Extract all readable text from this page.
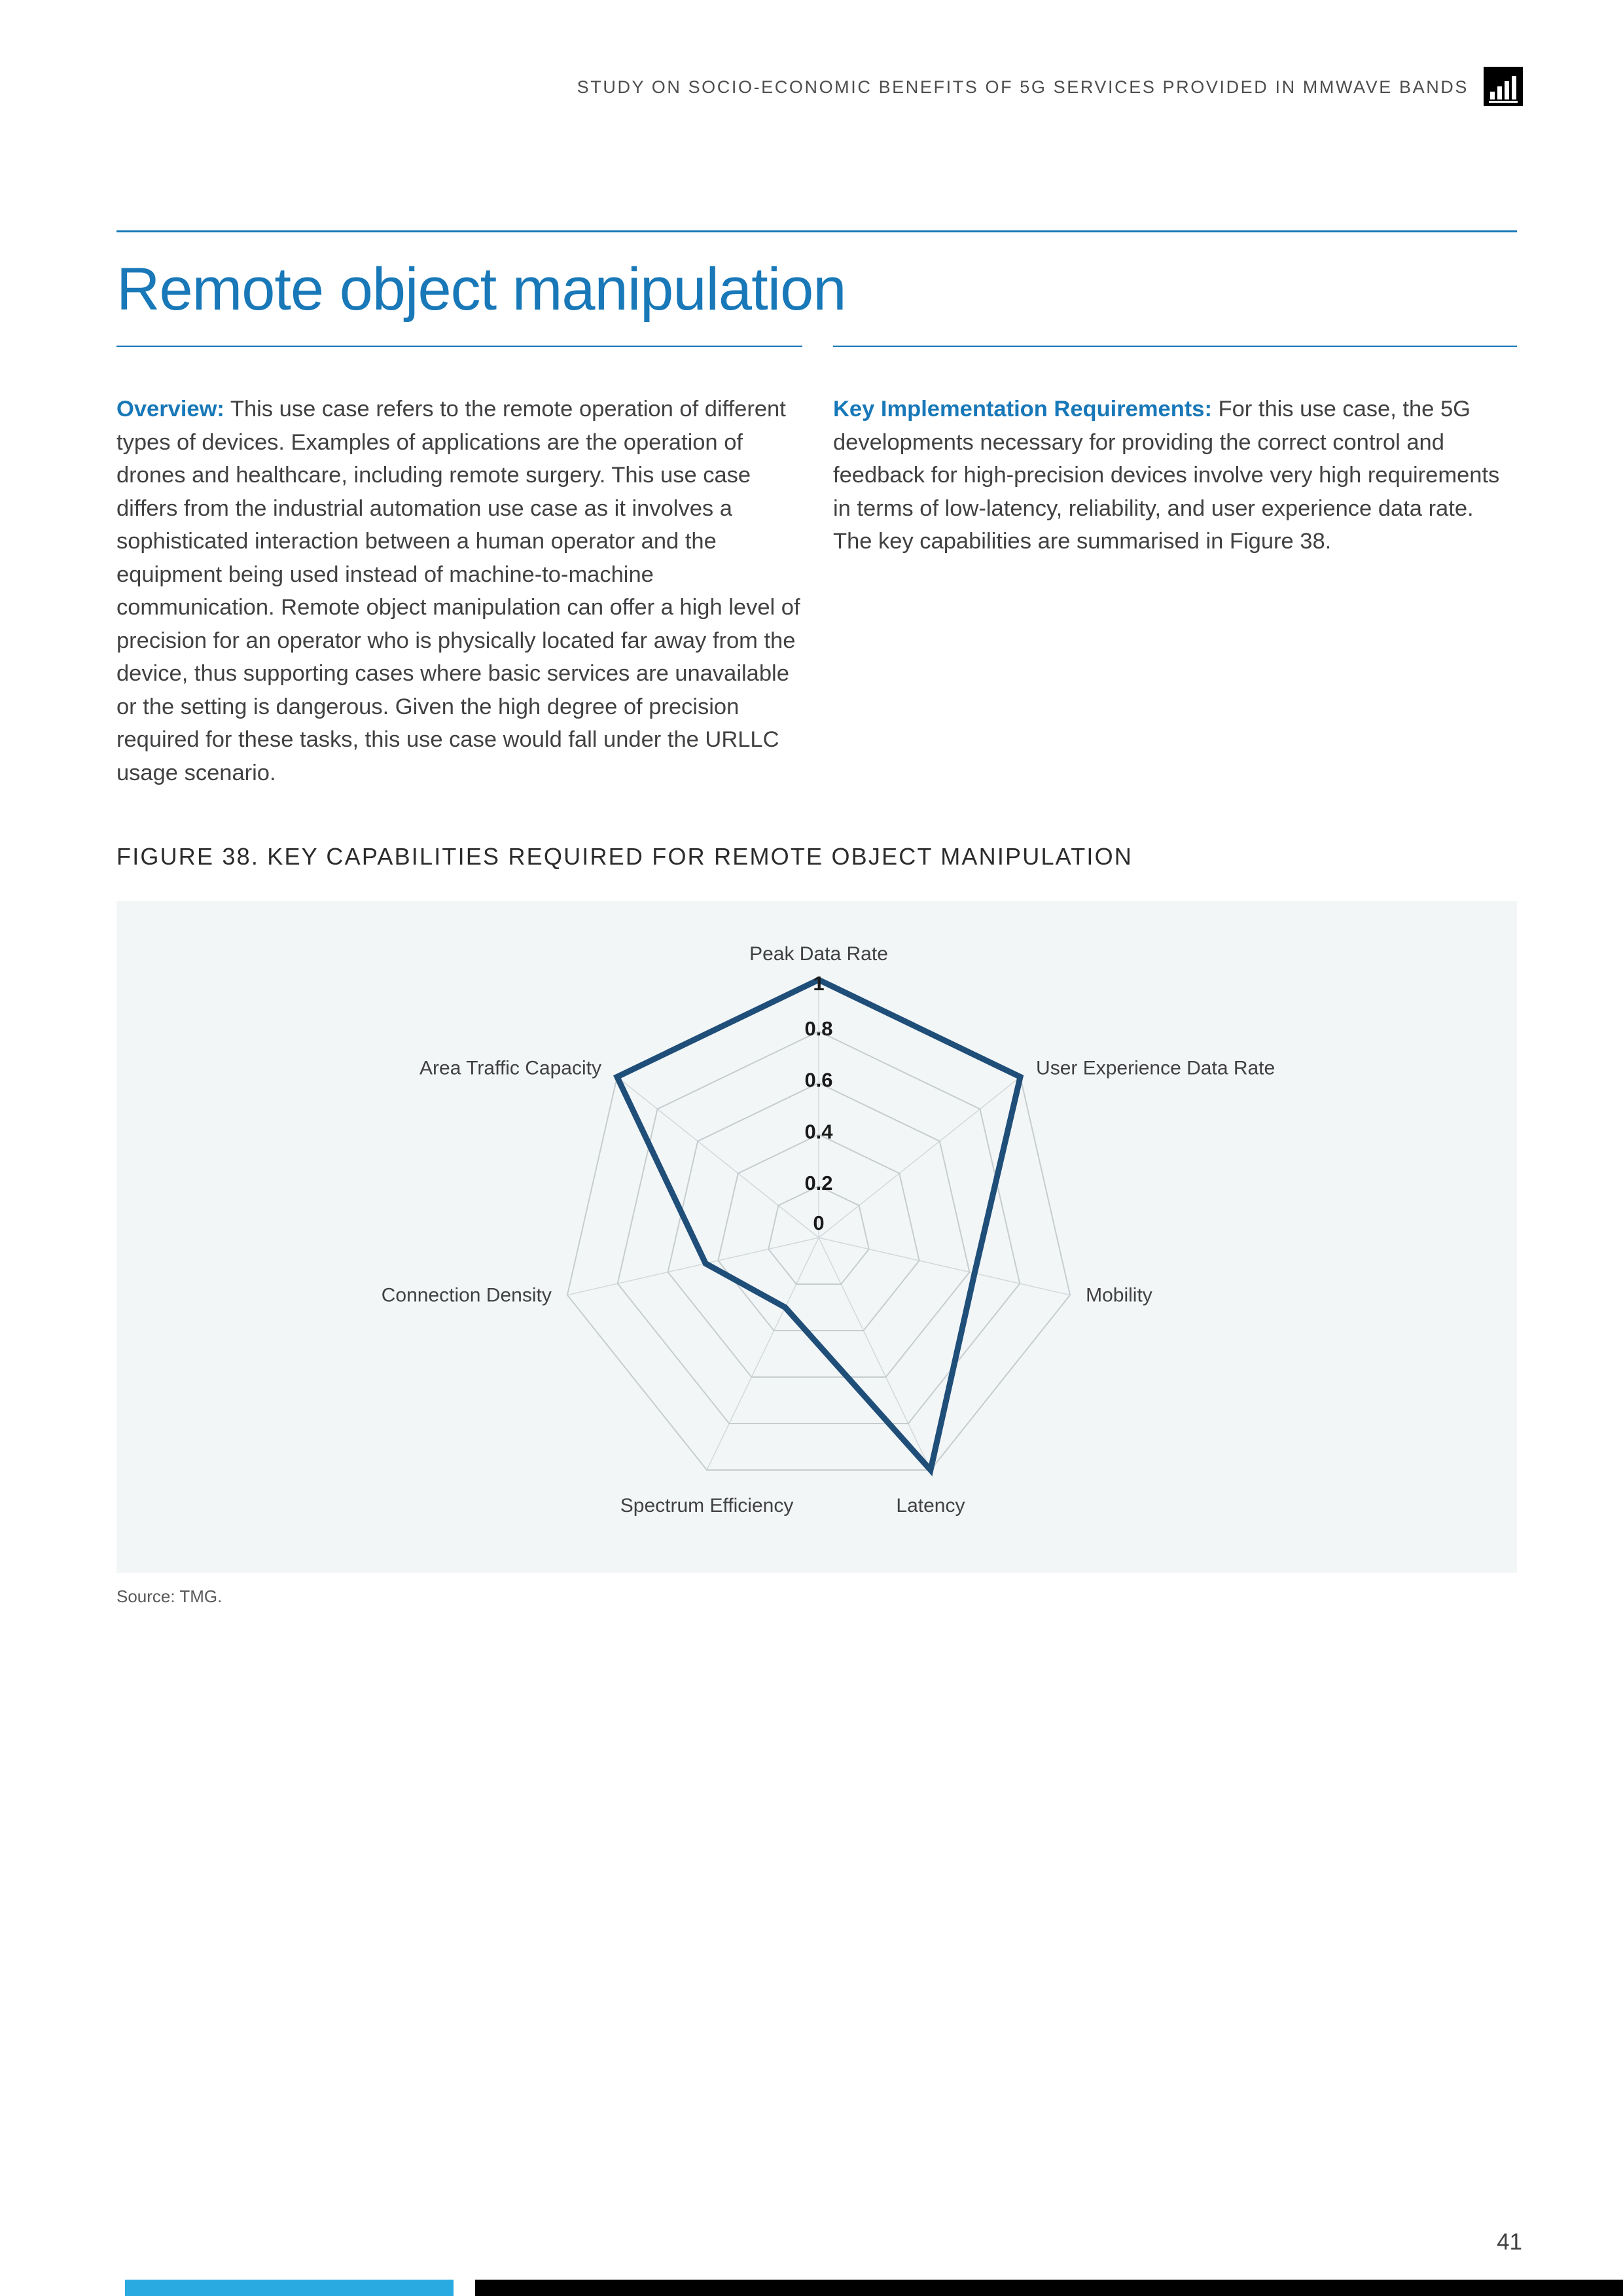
STUDY ON SOCIO-ECONOMIC BENEFITS OF 5G SERVICES PROVIDED IN MMWAVE BANDS
Remote object manipulation
Overview: This use case refers to the remote operation of different types of devices. Examples of applications are the operation of drones and healthcare, including remote surgery. This use case differs from the industrial automation use case as it involves a sophisticated interaction between a human operator and the equipment being used instead of machine-to-machine communication. Remote object manipulation can offer a high level of precision for an operator who is physically located far away from the device, thus supporting cases where basic services are unavailable or the setting is dangerous. Given the high degree of precision required for these tasks, this use case would fall under the URLLC usage scenario.
Key Implementation Requirements: For this use case, the 5G developments necessary for providing the correct control and feedback for high-precision devices involve very high requirements in terms of low-latency, reliability, and user experience data rate. The key capabilities are summarised in Figure 38.
FIGURE 38. KEY CAPABILITIES REQUIRED FOR REMOTE OBJECT MANIPULATION
0
0.2
0.4
0.6
0.8
1
Peak Data Rate
User Experience Data Rate
Mobility
Latency
Spectrum Efficiency
Connection Density
Area Traffic Capacity
Source: TMG.
41
